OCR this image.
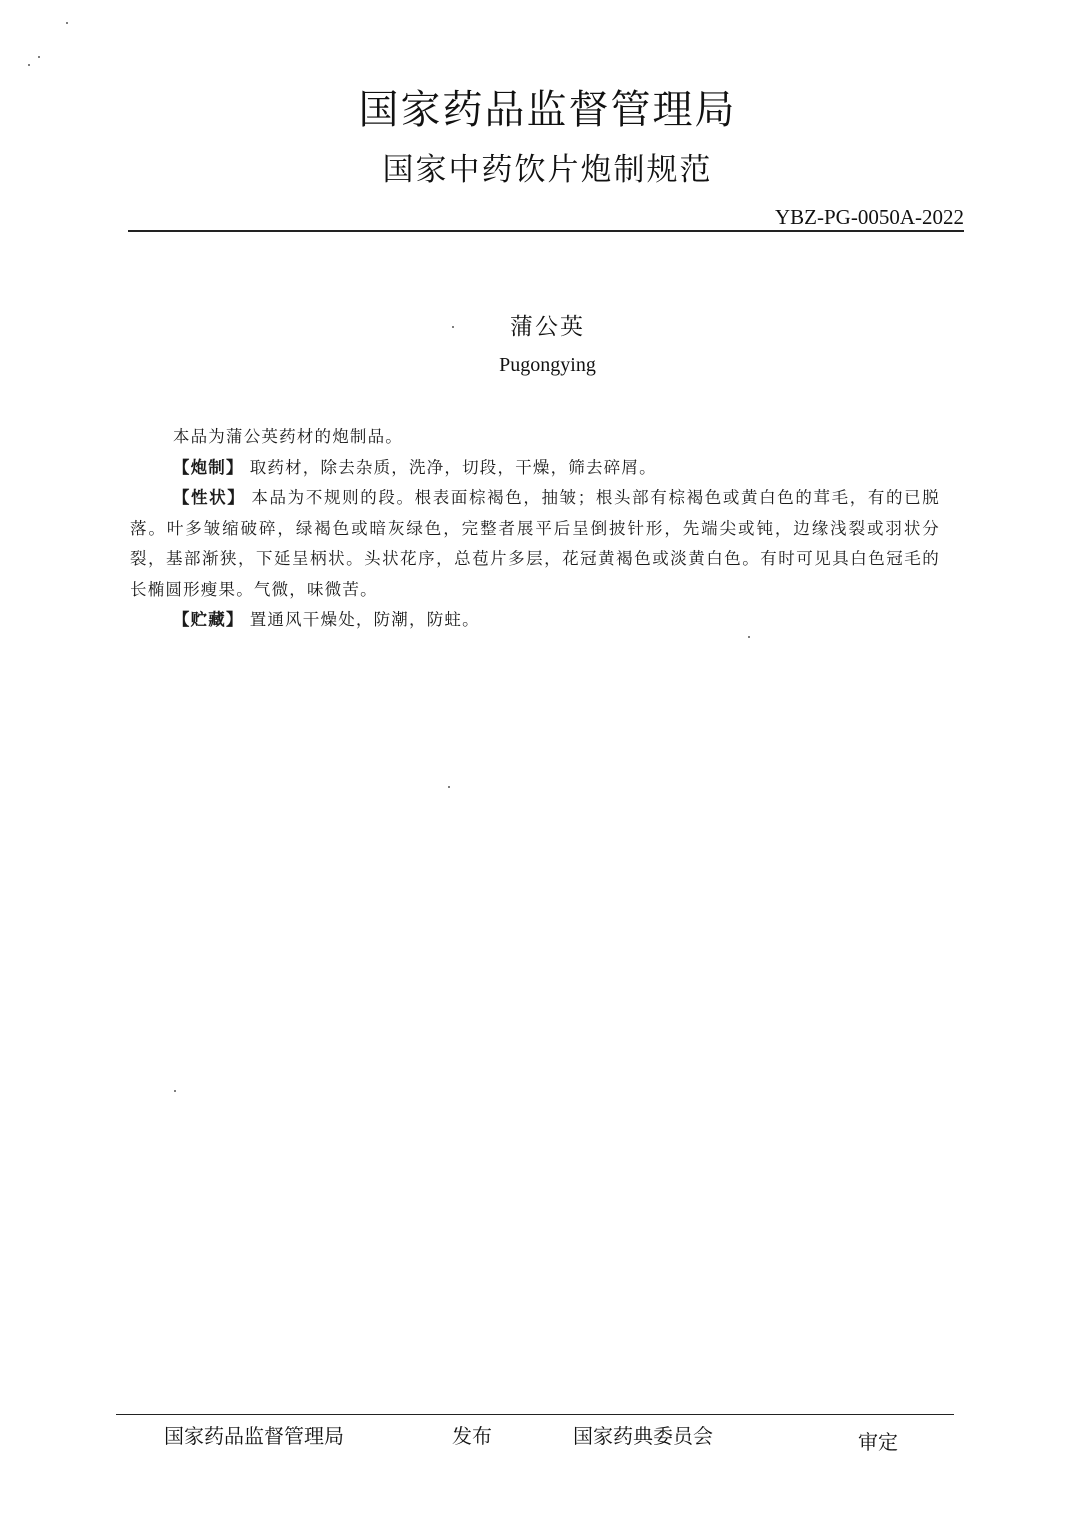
国家药品监督管理局
国家中药饮片炮制规范
YBZ-PG-0050A-2022
蒲公英
Pugongying

本品为蒲公英药材的炮制品。

【炮制】 取药材，除去杂质，洗净，切段，干燥，筛去碎屑。

【性状】 本品为不规则的段。根表面棕褐色，抽皱；根头部有棕褐色或黄白色的茸毛，有的已脱落。叶多皱缩破碎，绿褐色或暗灰绿色，完整者展平后呈倒披针形，先端尖或钝，边缘浅裂或羽状分裂，基部渐狭，下延呈柄状。头状花序，总苞片多层，花冠黄褐色或淡黄白色。有时可见具白色冠毛的长椭圆形瘦果。气微，味微苦。

【贮藏】 置通风干燥处，防潮，防蛀。

国家药品监督管理局	发布	国家药典委员会	审定
